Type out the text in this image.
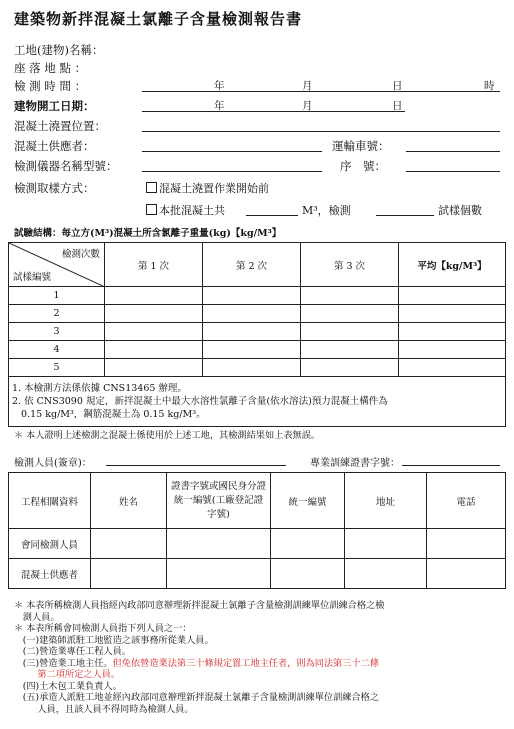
建築物新拌混凝土氯離子含量檢測報告書
工地(建物)名稱：
座 落 地 點 ：
檢 測 時 間 ：	年	月	日	時
建物開工日期：	年	月	日
混凝土澆置位置：
混凝土供應者：	運輸車號：
檢測儀器名稱型號：	序　號：
檢測取樣方式：	混凝土澆置作業開始前
本批混凝土共	M³，檢測	試樣個數
試驗結構：每立方(M³)混凝土所含氯離子重量(kg)【kg/M³】
檢測次數
試樣編號	第 1 次	第 2 次	第 3 次	平均【kg/M³】
1				
2				
3				
4				
5				

1. 本檢測方法係依據 CNS13465 辦理。
2. 依 CNS3090 規定，新拌混凝土中最大水溶性氯離子含量(依水溶法)預力混凝土構件為
0.15 kg/M³，鋼筋混凝土為 0.15 kg/M³。				
＊ 本人證明上述檢測之混凝土係使用於上述工地，其檢測結果如上表無誤。
檢測人員(簽章)：	專業訓練證書字號：
工程相關資料	姓名	證書字號或國民身分證統一編號(工廠登記證字號)	統一編號	地址	電話
會同檢測人員					
混凝土供應者					
＊ 本表所稱檢測人員指經內政部同意辦理新拌混凝土氯離子含量檢測訓練單位訓練合格之檢
測人員。
＊ 本表所稱會同檢測人員指下列人員之一：
(一)建築師派駐工地監造之該事務所從業人員。
(二)營造業專任工程人員。
(三)營造業工地主任。但免依營造業法第三十條規定置工地主任者，則為同法第三十二條
第二項所定之人員。
(四)土木包工業負責人。
(五)承造人派駐工地並經內政部同意辦理新拌混凝土氯離子含量檢測訓練單位訓練合格之
人員，且該人員不得同時為檢測人員。
